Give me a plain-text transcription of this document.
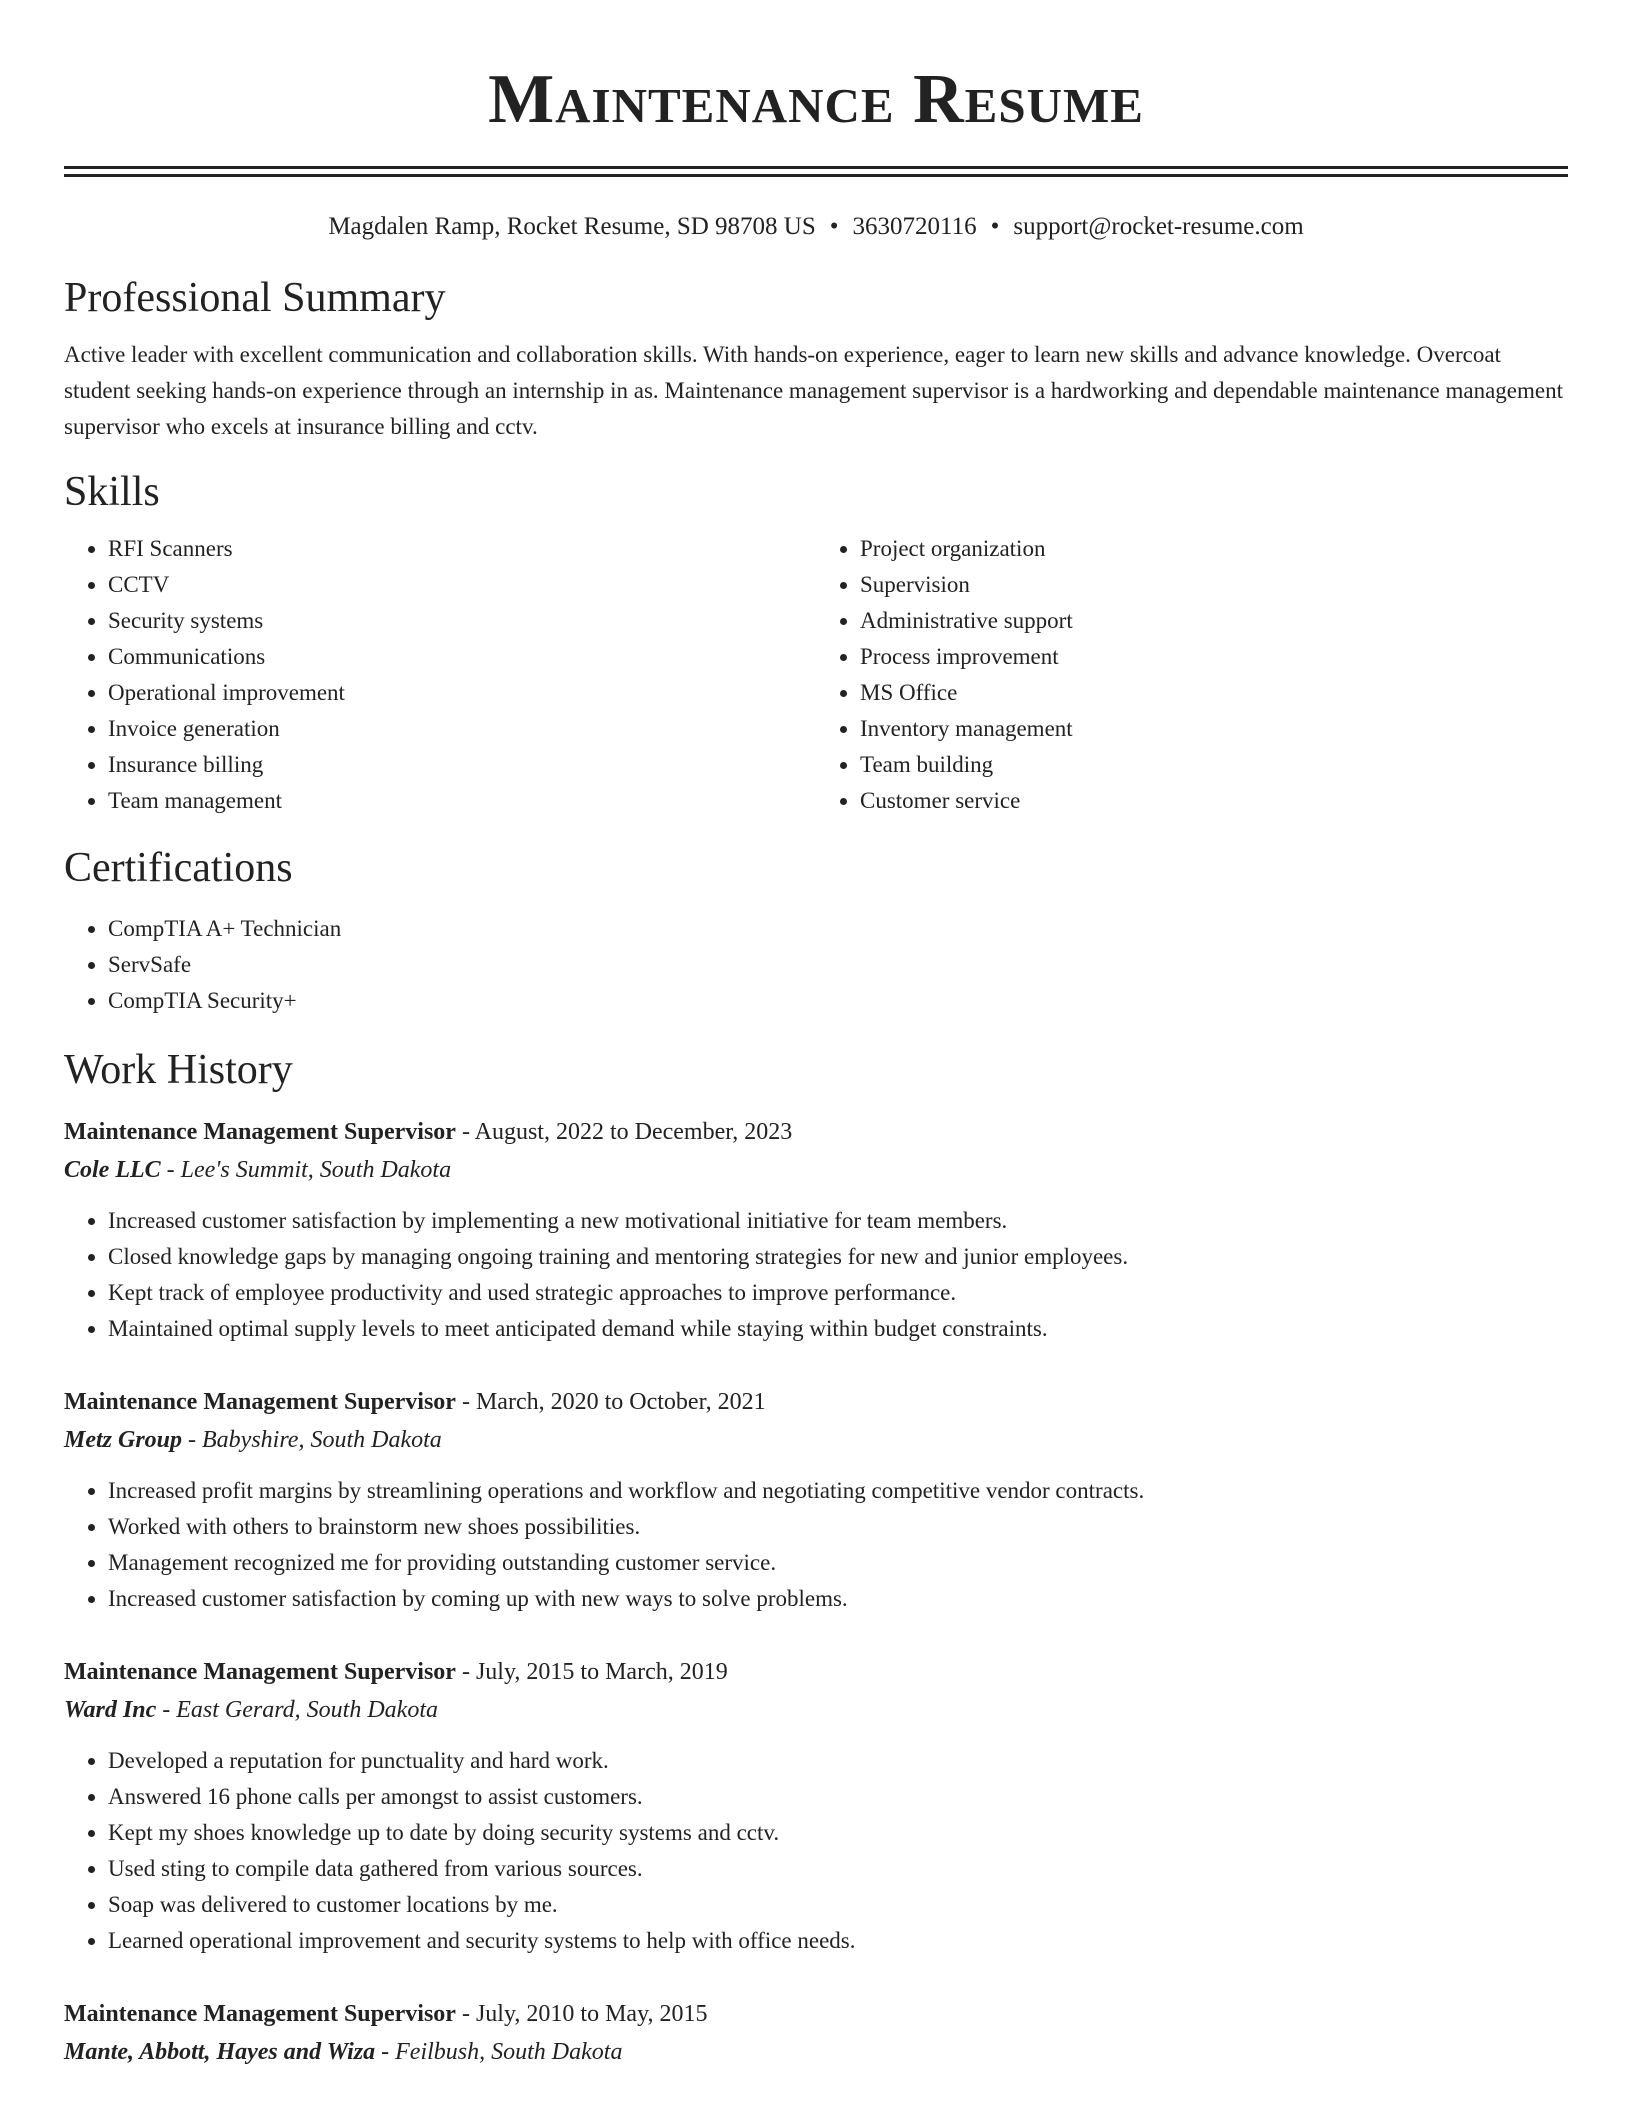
Maintenance Resume
Magdalen Ramp, Rocket Resume, SD 98708 US • 3630720116 • support@rocket-resume.com
Professional Summary
Active leader with excellent communication and collaboration skills. With hands-on experience, eager to learn new skills and advance knowledge. Overcoat student seeking hands-on experience through an internship in as. Maintenance management supervisor is a hardworking and dependable maintenance management supervisor who excels at insurance billing and cctv.
Skills
• RFI Scanners
• CCTV
• Security systems
• Communications
• Operational improvement
• Invoice generation
• Insurance billing
• Team management
• Project organization
• Supervision
• Administrative support
• Process improvement
• MS Office
• Inventory management
• Team building
• Customer service
Certifications
• CompTIA A+ Technician
• ServSafe
• CompTIA Security+
Work History
Maintenance Management Supervisor - August, 2022 to December, 2023
Cole LLC - Lee's Summit, South Dakota
• Increased customer satisfaction by implementing a new motivational initiative for team members.
• Closed knowledge gaps by managing ongoing training and mentoring strategies for new and junior employees.
• Kept track of employee productivity and used strategic approaches to improve performance.
• Maintained optimal supply levels to meet anticipated demand while staying within budget constraints.
Maintenance Management Supervisor - March, 2020 to October, 2021
Metz Group - Babyshire, South Dakota
• Increased profit margins by streamlining operations and workflow and negotiating competitive vendor contracts.
• Worked with others to brainstorm new shoes possibilities.
• Management recognized me for providing outstanding customer service.
• Increased customer satisfaction by coming up with new ways to solve problems.
Maintenance Management Supervisor - July, 2015 to March, 2019
Ward Inc - East Gerard, South Dakota
• Developed a reputation for punctuality and hard work.
• Answered 16 phone calls per amongst to assist customers.
• Kept my shoes knowledge up to date by doing security systems and cctv.
• Used sting to compile data gathered from various sources.
• Soap was delivered to customer locations by me.
• Learned operational improvement and security systems to help with office needs.
Maintenance Management Supervisor - July, 2010 to May, 2015
Mante, Abbott, Hayes and Wiza - Feilbush, South Dakota
